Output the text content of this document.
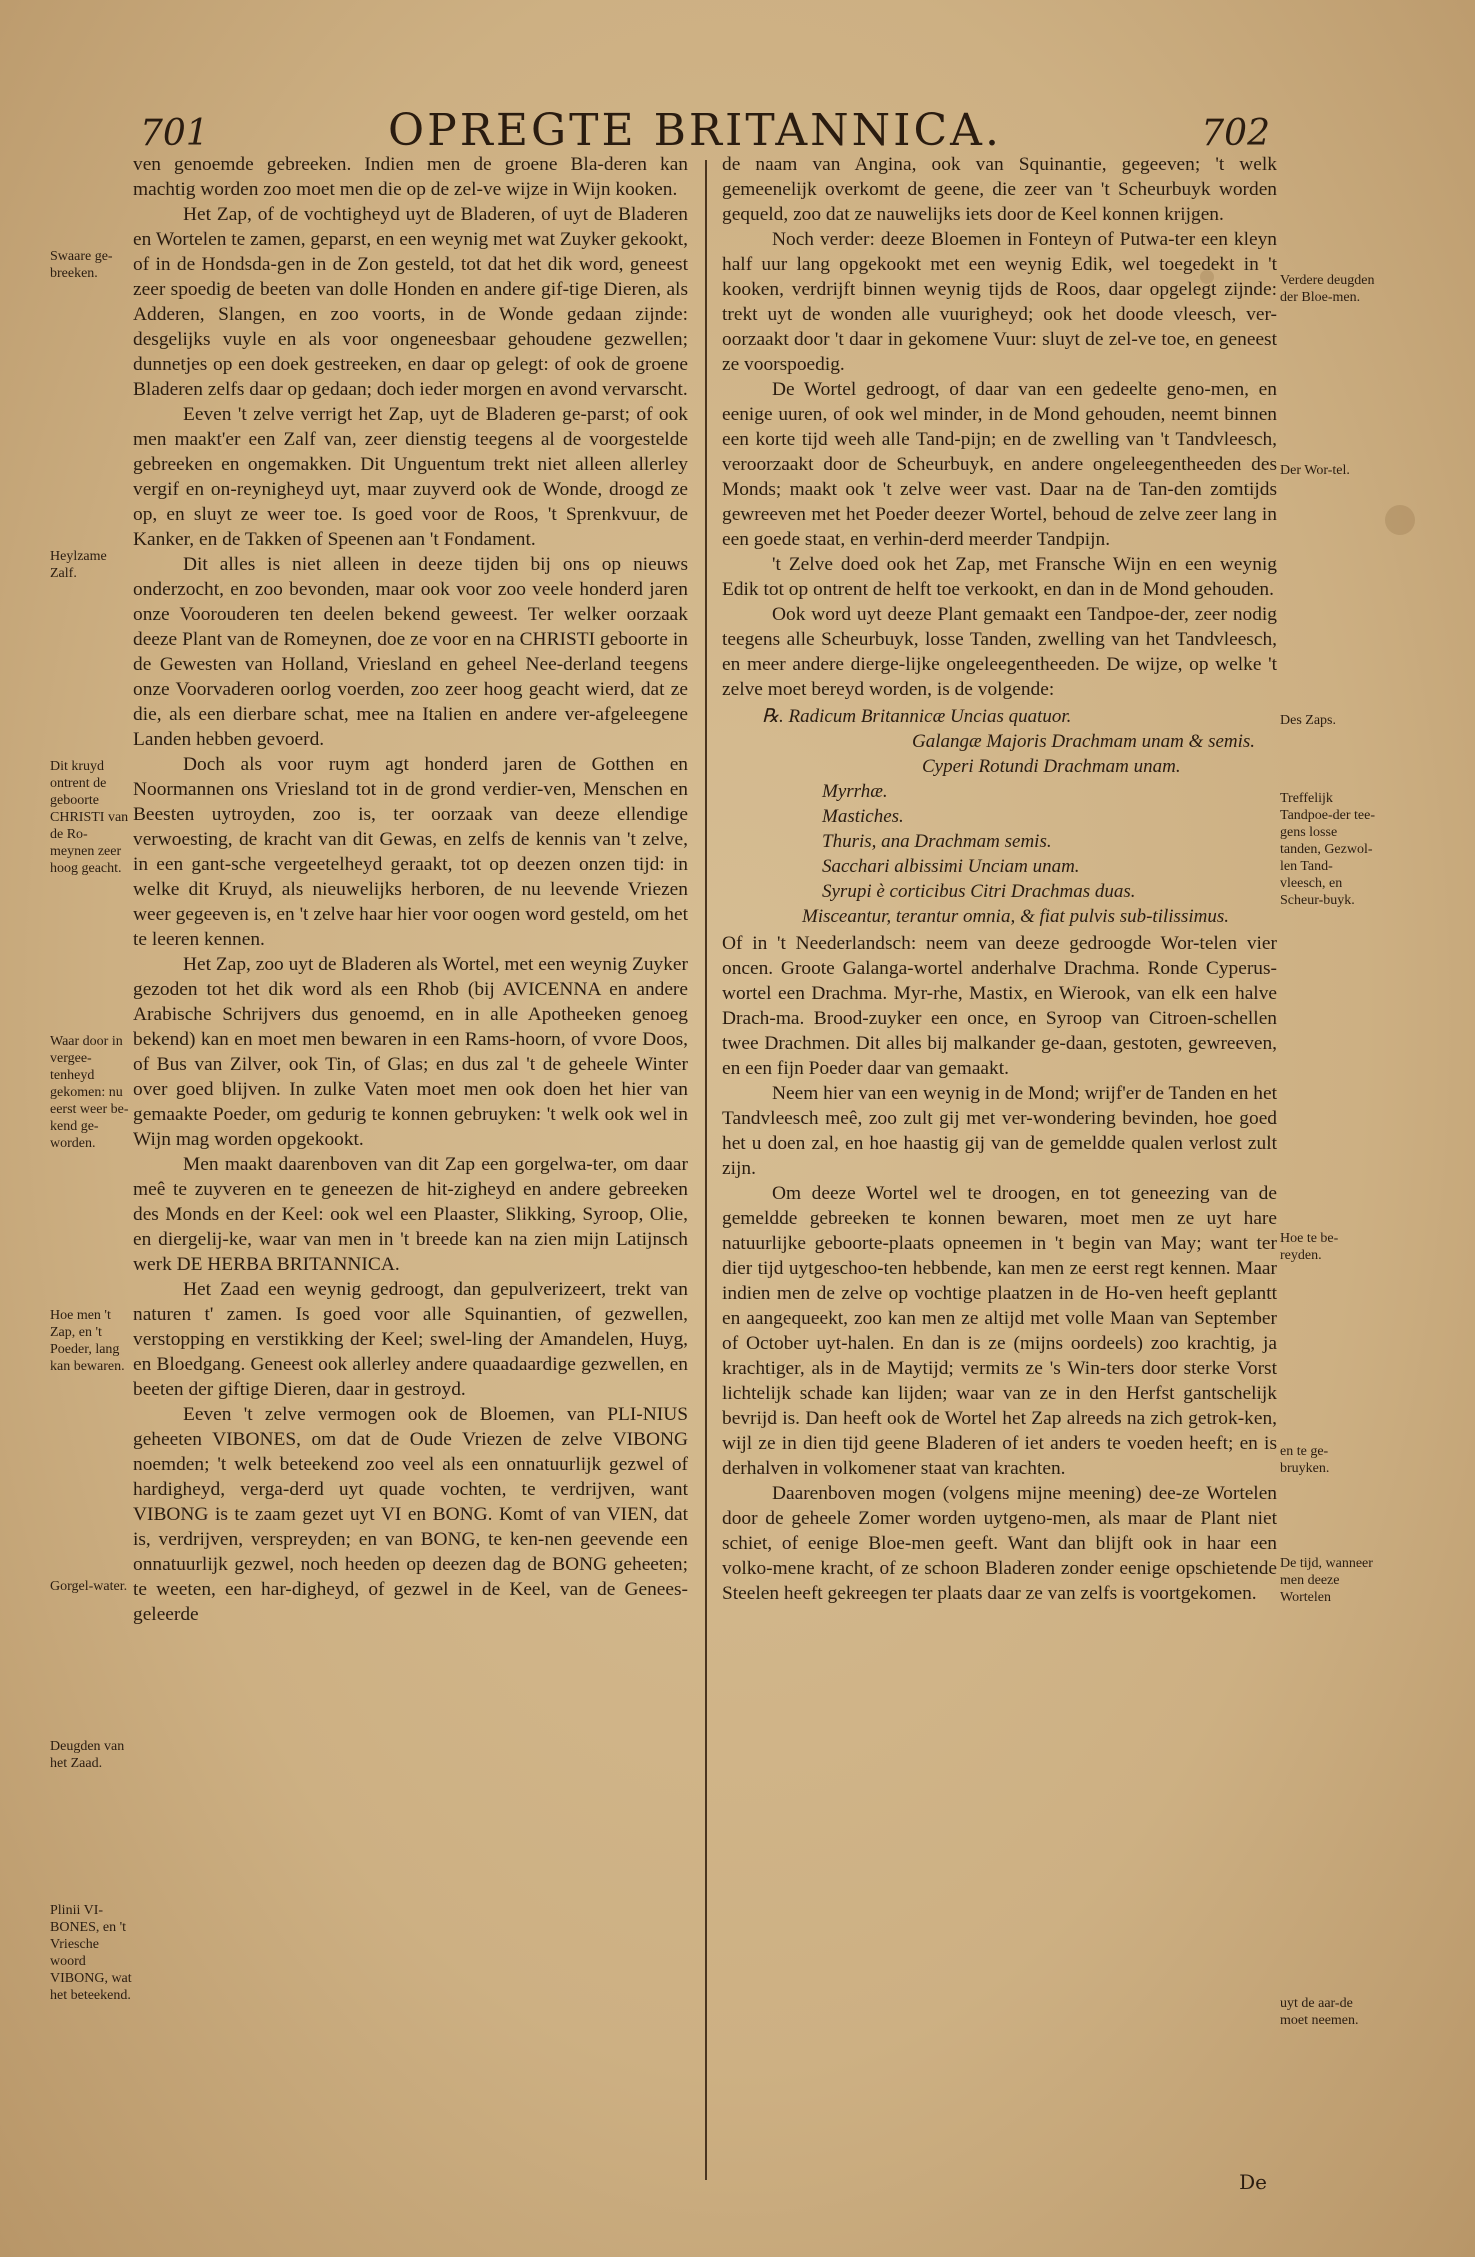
701	OPREGTE BRITANNICA.	702

ven genoemde gebreeken. Indien men de groene Bla-deren kan machtig worden zoo moet men die op de zel-ve wijze in Wijn kooken.

Het Zap, of de vochtigheyd uyt de Bladeren, of uyt de Bladeren en Wortelen te zamen, geparst, en een weynig met wat Zuyker gekookt, of in de Hondsda-gen in de Zon gesteld, tot dat het dik word, geneest zeer spoedig de beeten van dolle Honden en andere gif-tige Dieren, als Adderen, Slangen, en zoo voorts, in de Wonde gedaan zijnde: desgelijks vuyle en als voor ongeneesbaar gehoudene gezwellen; dunnetjes op een doek gestreeken, en daar op gelegt: of ook de groene Bladeren zelfs daar op gedaan; doch ieder morgen en avond vervarscht.

Eeven 't zelve verrigt het Zap, uyt de Bladeren ge-parst; of ook men maakt'er een Zalf van, zeer dienstig teegens al de voorgestelde gebreeken en ongemakken. Dit Unguentum trekt niet alleen allerley vergif en on-reynigheyd uyt, maar zuyverd ook de Wonde, droogd ze op, en sluyt ze weer toe. Is goed voor de Roos, 't Sprenkvuur, de Kanker, en de Takken of Speenen aan 't Fondament.

Dit alles is niet alleen in deeze tijden bij ons op nieuws onderzocht, en zoo bevonden, maar ook voor zoo veele honderd jaren onze Voorouderen ten deelen bekend geweest. Ter welker oorzaak deeze Plant van de Romeynen, doe ze voor en na CHRISTI geboorte in de Gewesten van Holland, Vriesland en geheel Nee-derland teegens onze Voorvaderen oorlog voerden, zoo zeer hoog geacht wierd, dat ze die, als een dierbare schat, mee na Italien en andere ver-afgeleegene Landen hebben gevoerd.

Doch als voor ruym agt honderd jaren de Gotthen en Noormannen ons Vriesland tot in de grond verdier-ven, Menschen en Beesten uytroyden, zoo is, ter oorzaak van deeze ellendige verwoesting, de kracht van dit Gewas, en zelfs de kennis van 't zelve, in een gant-sche vergeetelheyd geraakt, tot op deezen onzen tijd: in welke dit Kruyd, als nieuwelijks herboren, de nu leevende Vriezen weer gegeeven is, en 't zelve haar hier voor oogen word gesteld, om het te leeren kennen.

Het Zap, zoo uyt de Bladeren als Wortel, met een weynig Zuyker gezoden tot het dik word als een Rhob (bij AVICENNA en andere Arabische Schrijvers dus genoemd, en in alle Apotheeken genoeg bekend) kan en moet men bewaren in een Rams-hoorn, of vvore Doos, of Bus van Zilver, ook Tin, of Glas; en dus zal 't de geheele Winter over goed blijven. In zulke Vaten moet men ook doen het hier van gemaakte Poeder, om gedurig te konnen gebruyken: 't welk ook wel in Wijn mag worden opgekookt.

Men maakt daarenboven van dit Zap een gorgelwa-ter, om daar meê te zuyveren en te geneezen de hit-zigheyd en andere gebreeken des Monds en der Keel: ook wel een Plaaster, Slikking, Syroop, Olie, en diergelij-ke, waar van men in 't breede kan na zien mijn Latijnsch werk DE HERBA BRITANNICA.

Het Zaad een weynig gedroogt, dan gepulverizeert, trekt van naturen t' zamen. Is goed voor alle Squinantien, of gezwellen, verstopping en verstikking der Keel; swel-ling der Amandelen, Huyg, en Bloedgang. Geneest ook allerley andere quaadaardige gezwellen, en beeten der giftige Dieren, daar in gestroyd.

Eeven 't zelve vermogen ook de Bloemen, van PLI-NIUS geheeten VIBONES, om dat de Oude Vriezen de zelve VIBONG noemden; 't welk beteekend zoo veel als een onnatuurlijk gezwel of hardigheyd, verga-derd uyt quade vochten, te verdrijven, want VIBONG is te zaam gezet uyt VI en BONG. Komt of van VIEN, dat is, verdrijven, verspreyden; en van BONG, te ken-nen geevende een onnatuurlijk gezwel, noch heeden op deezen dag de BONG geheeten; te weeten, een har-digheyd, of gezwel in de Keel, van de Genees-geleerde

de naam van Angina, ook van Squinantie, gegeeven; 't welk gemeenelijk overkomt de geene, die zeer van 't Scheurbuyk worden gequeld, zoo dat ze nauwelijks iets door de Keel konnen krijgen.

Noch verder: deeze Bloemen in Fonteyn of Putwa-ter een kleyn half uur lang opgekookt met een weynig Edik, wel toegedekt in 't kooken, verdrijft binnen weynig tijds de Roos, daar opgelegt zijnde: trekt uyt de wonden alle vuurigheyd; ook het doode vleesch, ver-oorzaakt door 't daar in gekomene Vuur: sluyt de zel-ve toe, en geneest ze voorspoedig.

De Wortel gedroogt, of daar van een gedeelte geno-men, en eenige uuren, of ook wel minder, in de Mond gehouden, neemt binnen een korte tijd weeh alle Tand-pijn; en de zwelling van 't Tandvleesch, veroorzaakt door de Scheurbuyk, en andere ongeleegentheeden des Monds; maakt ook 't zelve weer vast. Daar na de Tan-den zomtijds gewreeven met het Poeder deezer Wortel, behoud de zelve zeer lang in een goede staat, en verhin-derd meerder Tandpijn.

't Zelve doed ook het Zap, met Fransche Wijn en een weynig Edik tot op ontrent de helft toe verkookt, en dan in de Mond gehouden.

Ook word uyt deeze Plant gemaakt een Tandpoe-der, zeer nodig teegens alle Scheurbuyk, losse Tanden, zwelling van het Tandvleesch, en meer andere dierge-lijke ongeleegentheeden. De wijze, op welke 't zelve moet bereyd worden, is de volgende:

℞. Radicum Britannicæ Uncias quatuor.
Galangæ Majoris Drachmam unam & semis.
Cyperi Rotundi Drachmam unam.
Myrrhæ.
Mastiches.
Thuris, ana Drachmam semis.
Sacchari albissimi Unciam unam.
Syrupi è corticibus Citri Drachmas duas.
Misceantur, terantur omnia, & fiat pulvis sub-tilissimus.

Of in 't Neederlandsch: neem van deeze gedroogde Wor-telen vier oncen. Groote Galanga-wortel anderhalve Drachma. Ronde Cyperus-wortel een Drachma. Myr-rhe, Mastix, en Wierook, van elk een halve Drach-ma. Brood-zuyker een once, en Syroop van Citroen-schellen twee Drachmen. Dit alles bij malkander ge-daan, gestoten, gewreeven, en een fijn Poeder daar van gemaakt.

Neem hier van een weynig in de Mond; wrijf'er de Tanden en het Tandvleesch meê, zoo zult gij met ver-wondering bevinden, hoe goed het u doen zal, en hoe haastig gij van de gemeldde qualen verlost zult zijn.

Om deeze Wortel wel te droogen, en tot geneezing van de gemeldde gebreeken te konnen bewaren, moet men ze uyt hare natuurlijke geboorte-plaats opneemen in 't begin van May; want ter dier tijd uytgeschoo-ten hebbende, kan men ze eerst regt kennen. Maar indien men de zelve op vochtige plaatzen in de Ho-ven heeft geplantt en aangequeekt, zoo kan men ze altijd met volle Maan van September of October uyt-halen. En dan is ze (mijns oordeels) zoo krachtig, ja krachtiger, als in de Maytijd; vermits ze 's Win-ters door sterke Vorst lichtelijk schade kan lijden; waar van ze in den Herfst gantschelijk bevrijd is. Dan heeft ook de Wortel het Zap alreeds na zich getrok-ken, wijl ze in dien tijd geene Bladeren of iet anders te voeden heeft; en is derhalven in volkomener staat van krachten.

Daarenboven mogen (volgens mijne meening) dee-ze Wortelen door de geheele Zomer worden uytgeno-men, als maar de Plant niet schiet, of eenige Bloe-men geeft. Want dan blijft ook in haar een volko-mene kracht, of ze schoon Bladeren zonder eenige opschietende Steelen heeft gekreegen ter plaats daar ze van zelfs is voortgekomen.

Swaare ge-breeken.
Heylzame Zalf.
Dit kruyd ontrent de geboorte CHRISTI van de Ro-meynen zeer hoog geacht.
Waar door in vergee-tenheyd gekomen: nu eerst weer be-kend ge-worden.
Hoe men 't Zap, en 't Poeder, lang kan bewaren.
Gorgel-water.
Deugden van het Zaad.
Plinii VI-BONES, en 't Vriesche woord VIBONG, wat het beteekend.
Verdere deugden der Bloe-men.
Der Wor-tel.
Des Zaps.
Treffelijk Tandpoe-der tee-gens losse tanden, Gezwol-len Tand-vleesch, en Scheur-buyk.
Hoe te be-reyden.
en te ge-bruyken.
De tijd, wanneer men deeze Wortelen
uyt de aar-de moet neemen.
De
